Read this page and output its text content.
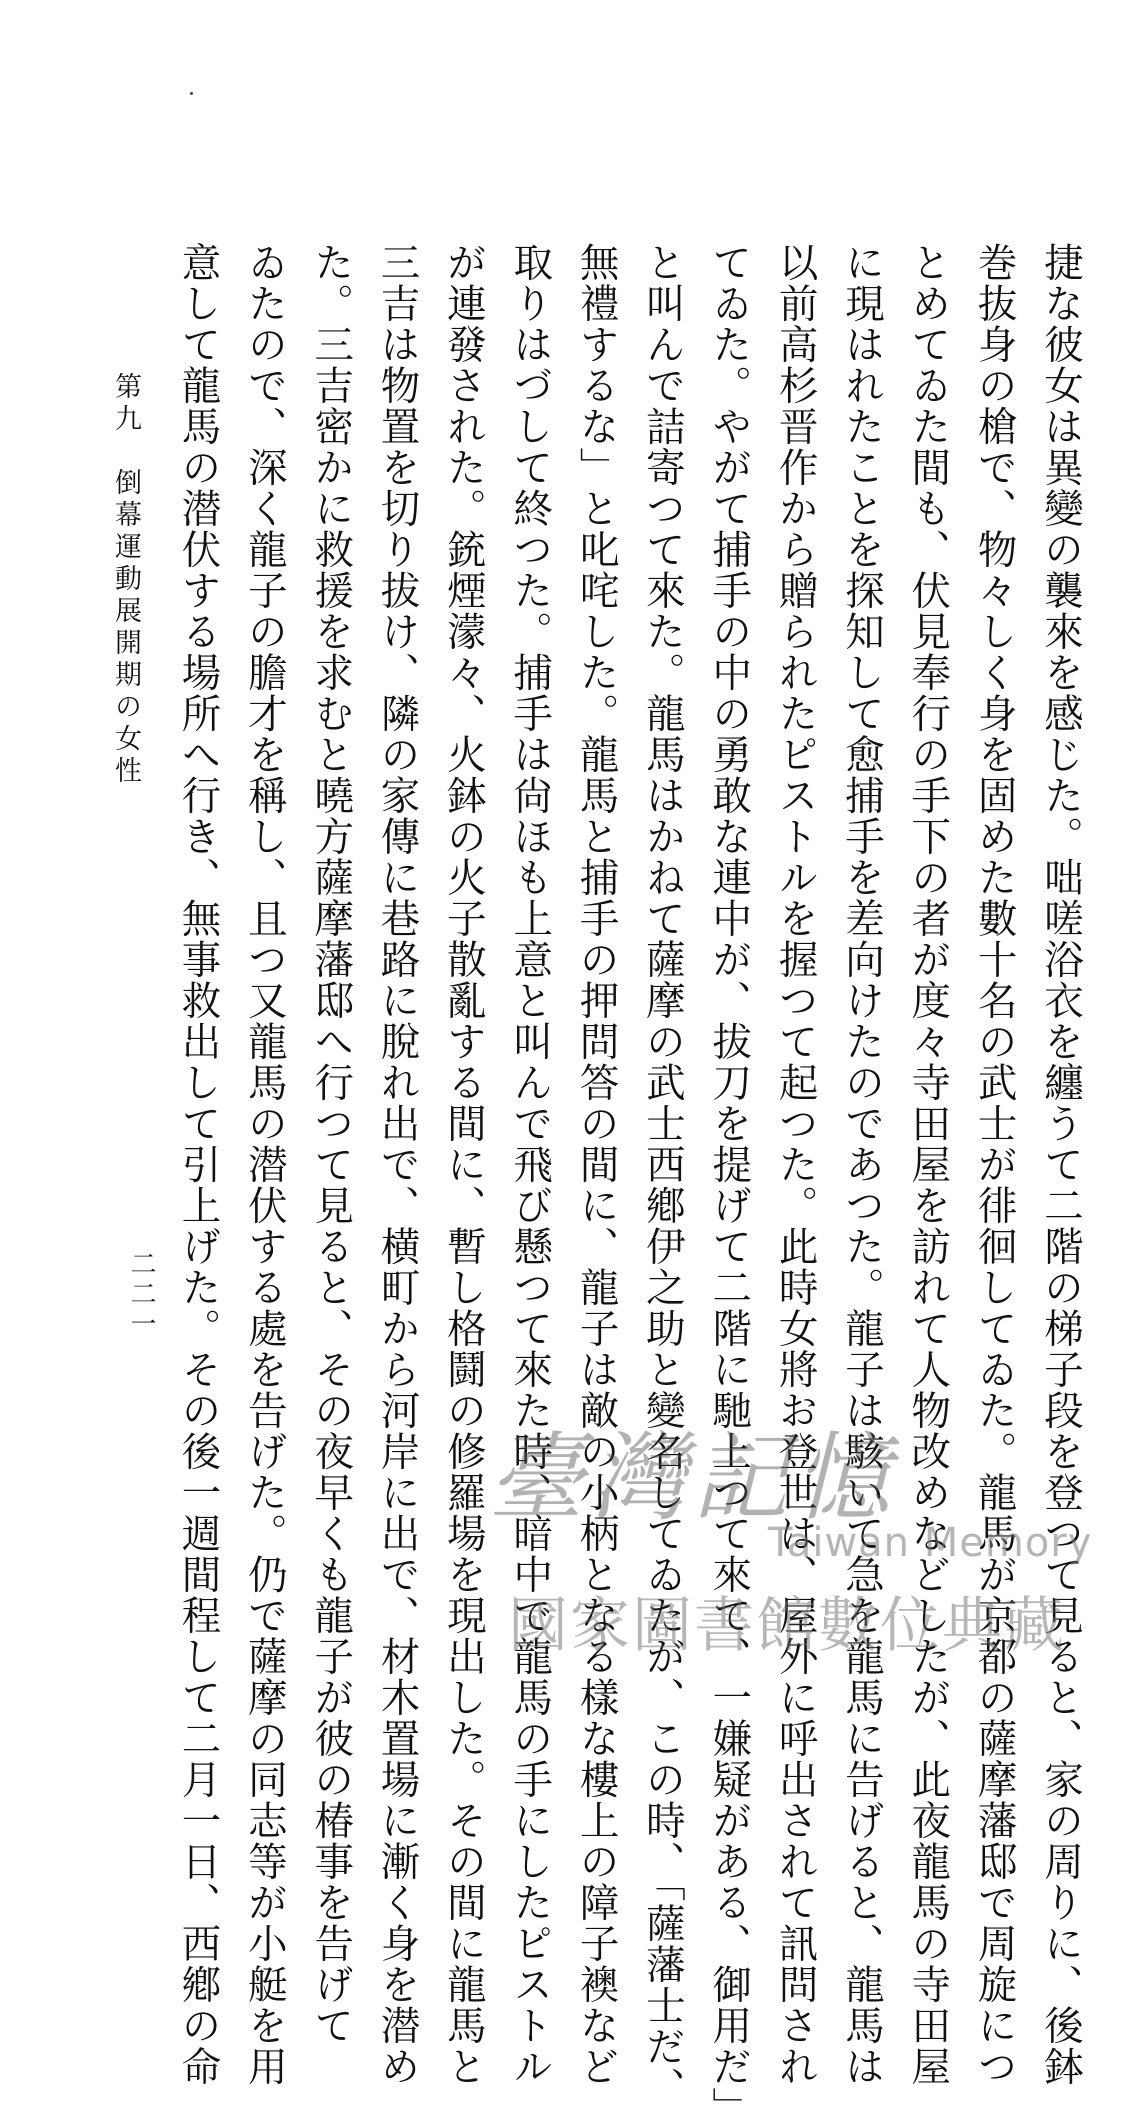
捷な彼女は異變の襲來を感じた。咄嗟浴衣を纏うて二階の梯子段を登つて見ると、家の周りに、後鉢
巻抜身の槍で、物々しく身を固めた數十名の武士が徘徊してゐた。龍馬が京都の薩摩藩邸で周旋につ
とめてゐた間も、伏見奉行の手下の者が度々寺田屋を訪れて人物改めなどしたが、此夜龍馬の寺田屋
に現はれたことを探知して愈捕手を差向けたのであつた。龍子は駭いて急を龍馬に告げると、龍馬は
以前高杉晋作から贈られたピストルを握つて起つた。此時女將お登世は、屋外に呼出されて訊問され
てゐた。やがて捕手の中の勇敢な連中が、拔刀を提げて二階に馳上つて來て、一嫌疑がある、御用だ」
と叫んで詰寄つて來た。龍馬はかねて薩摩の武士西鄕伊之助と變名してゐたが、この時、「薩藩士だ、
無禮するな」と叱咤した。龍馬と捕手の押問答の間に、龍子は敵の小柄となる樣な樓上の障子襖など
取りはづして終つた。捕手は尙ほも上意と叫んで飛び懸つて來た時、暗中で龍馬の手にしたピストル
が連發された。銃煙濛々、火鉢の火子散亂する間に、暫し格鬪の修羅場を現出した。その間に龍馬と
三吉は物置を切り拔け、隣の家傳に巷路に脫れ出で、横町から河岸に出で、材木置場に漸く身を潜め
た。三吉密かに救援を求むと曉方薩摩藩邸へ行つて見ると、その夜早くも龍子が彼の椿事を告げて
ゐたので、深く龍子の膽才を稱し、且つ又龍馬の潜伏する處を告げた。仍で薩摩の同志等が小艇を用
意して龍馬の潜伏する場所へ行き、無事救出して引上げた。その後一週間程して二月一日、西鄕の命
第九　倒幕運動展開期の女性
二二一
臺灣記憶
Taiwan Memory
國家圖書館數位典藏
